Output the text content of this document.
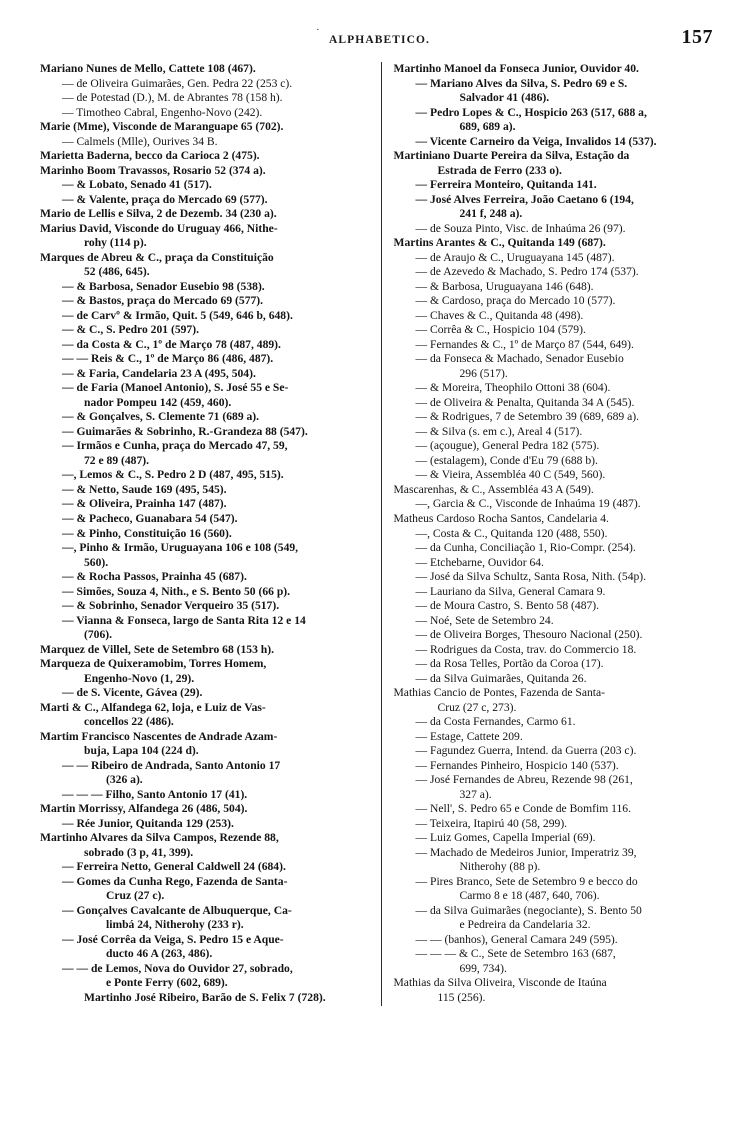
·
ALPHABETICO.	157
Mariano Nunes de Mello, Cattete 108 (467).
— de Oliveira Guimarães, Gen. Pedra 22 (253 c).
— de Potestad (D.), M. de Abrantes 78 (158 h).
— Timotheo Cabral, Engenho-Novo (242).
Marie (Mme), Visconde de Maranguape 65 (702).
— Calmels (Mlle), Ourives 34 B.
Marietta Baderna, becco da Carioca 2 (475).
Marinho Boom Travassos, Rosario 52 (374 a).
— & Lobato, Senado 41 (517).
— & Valente, praça do Mercado 69 (577).
Mario de Lellis e Silva, 2 de Dezemb. 34 (230 a).
Marius David, Visconde do Uruguay 466, Nithe-
rohy (114 p).
Marques de Abreu & C., praça da Constituição
52 (486, 645).
— & Barbosa, Senador Eusebio 98 (538).
— & Bastos, praça do Mercado 69 (577).
— de Carvº & Irmão, Quit. 5 (549, 646 b, 648).
— & C., S. Pedro 201 (597).
— da Costa & C., 1º de Março 78 (487, 489).
— — Reis & C., 1º de Março 86 (486, 487).
— & Faria, Candelaria 23 A (495, 504).
— de Faria (Manoel Antonio), S. José 55 e Se-
nador Pompeu 142 (459, 460).
— & Gonçalves, S. Clemente 71 (689 a).
— Guimarães & Sobrinho, R.-Grandeza 88 (547).
— Irmãos e Cunha, praça do Mercado 47, 59,
72 e 89 (487).
—, Lemos & C., S. Pedro 2 D (487, 495, 515).
— & Netto, Saude 169 (495, 545).
— & Oliveira, Prainha 147 (487).
— & Pacheco, Guanabara 54 (547).
— & Pinho, Constituição 16 (560).
—, Pinho & Irmão, Uruguayana 106 e 108 (549,
560).
— & Rocha Passos, Prainha 45 (687).
— Simões, Souza 4, Nith., e S. Bento 50 (66 p).
— & Sobrinho, Senador Verqueiro 35 (517).
— Vianna & Fonseca, largo de Santa Rita 12 e 14
(706).
Marquez de Villel, Sete de Setembro 68 (153 h).
Marqueza de Quixeramobim, Torres Homem,
Engenho-Novo (1, 29).
— de S. Vicente, Gávea (29).
Marti & C., Alfandega 62, loja, e Luiz de Vas-
concellos 22 (486).
Martim Francisco Nascentes de Andrade Azam-
buja, Lapa 104 (224 d).
— — Ribeiro de Andrada, Santo Antonio 17
(326 a).
— — — Filho, Santo Antonio 17 (41).
Martin Morrissy, Alfandega 26 (486, 504).
— Rée Junior, Quitanda 129 (253).
Martinho Alvares da Silva Campos, Rezende 88,
sobrado (3 p, 41, 399).
— Ferreira Netto, General Caldwell 24 (684).
— Gomes da Cunha Rego, Fazenda de Santa-
Cruz (27 c).
— Gonçalves Cavalcante de Albuquerque, Ca-
limbá 24, Nitherohy (233 r).
— José Corrêa da Veiga, S. Pedro 15 e Aque-
ducto 46 A (263, 486).
— — de Lemos, Nova do Ouvidor 27, sobrado,
e Ponte Ferry (602, 689).
Martinho José Ribeiro, Barão de S. Felix 7 (728).
Martinho Manoel da Fonseca Junior, Ouvidor 40.
— Mariano Alves da Silva, S. Pedro 69 e S.
Salvador 41 (486).
— Pedro Lopes & C., Hospicio 263 (517, 688 a,
689, 689 a).
— Vicente Carneiro da Veiga, Invalidos 14 (537).
Martiniano Duarte Pereira da Silva, Estação da
Estrada de Ferro (233 o).
— Ferreira Monteiro, Quitanda 141.
— José Alves Ferreira, João Caetano 6 (194,
241 f, 248 a).
— de Souza Pinto, Visc. de Inhaúma 26 (97).
Martins Arantes & C., Quitanda 149 (687).
— de Araujo & C., Uruguayana 145 (487).
— de Azevedo & Machado, S. Pedro 174 (537).
— & Barbosa, Uruguayana 146 (648).
— & Cardoso, praça do Mercado 10 (577).
— Chaves & C., Quitanda 48 (498).
— Corrêa & C., Hospicio 104 (579).
— Fernandes & C., 1º de Março 87 (544, 649).
— da Fonseca & Machado, Senador Eusebio
296 (517).
— & Moreira, Theophilo Ottoni 38 (604).
— de Oliveira & Penalta, Quitanda 34 A (545).
— & Rodrigues, 7 de Setembro 39 (689, 689 a).
— & Silva (s. em c.), Areal 4 (517).
— (açougue), General Pedra 182 (575).
— (estalagem), Conde d'Eu 79 (688 b).
— & Vieira, Assembléa 40 C (549, 560).
Mascarenhas, & C., Assembléa 43 A (549).
—, Garcia & C., Visconde de Inhaúma 19 (487).
Matheus Cardoso Rocha Santos, Candelaria 4.
—, Costa & C., Quitanda 120 (488, 550).
— da Cunha, Conciliação 1, Rio-Compr. (254).
— Etchebarne, Ouvidor 64.
— José da Silva Schultz, Santa Rosa, Nith. (54p).
— Lauriano da Silva, General Camara 9.
— de Moura Castro, S. Bento 58 (487).
— Noé, Sete de Setembro 24.
— de Oliveira Borges, Thesouro Nacional (250).
— Rodrigues da Costa, trav. do Commercio 18.
— da Rosa Telles, Portão da Coroa (17).
— da Silva Guimarães, Quitanda 26.
Mathias Cancio de Pontes, Fazenda de Santa-
Cruz (27 c, 273).
— da Costa Fernandes, Carmo 61.
— Estage, Cattete 209.
— Fagundez Guerra, Intend. da Guerra (203 c).
— Fernandes Pinheiro, Hospicio 140 (537).
— José Fernandes de Abreu, Rezende 98 (261,
327 a).
— Nell', S. Pedro 65 e Conde de Bomfim 116.
— Teixeira, Itapirú 40 (58, 299).
— Luiz Gomes, Capella Imperial (69).
— Machado de Medeiros Junior, Imperatriz 39,
Nitherohy (88 p).
— Pires Branco, Sete de Setembro 9 e becco do
Carmo 8 e 18 (487, 640, 706).
— da Silva Guimarães (negociante), S. Bento 50
e Pedreira da Candelaria 32.
— — (banhos), General Camara 249 (595).
— — — & C., Sete de Setembro 163 (687,
699, 734).
Mathias da Silva Oliveira, Visconde de Itaúna
115 (256).
